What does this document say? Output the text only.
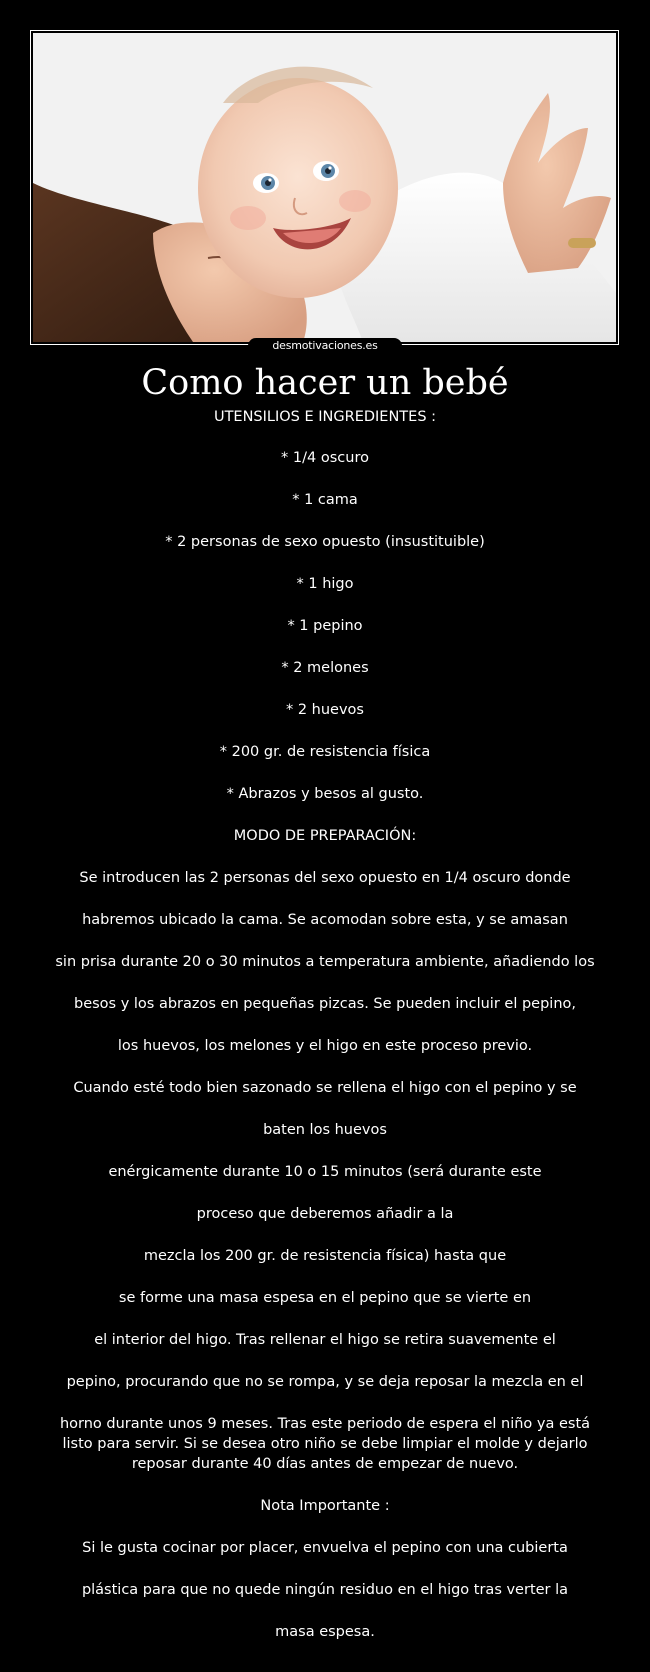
desmotivaciones.es
Como hacer un bebé
UTENSILIOS E INGREDIENTES :
* 1/4 oscuro
* 1 cama
* 2 personas de sexo opuesto (insustituible)
* 1 higo
* 1 pepino
* 2 melones
* 2 huevos
* 200 gr. de resistencia física
* Abrazos y besos al gusto.
MODO DE PREPARACIÓN:
Se introducen las 2 personas del sexo opuesto en 1/4 oscuro donde
habremos ubicado la cama. Se acomodan sobre esta, y se amasan
sin prisa durante 20 o 30 minutos a temperatura ambiente, añadiendo los
besos y los abrazos en pequeñas pizcas. Se pueden incluir el pepino,
los huevos, los melones y el higo en este proceso previo.
Cuando esté todo bien sazonado se rellena el higo con el pepino y se
baten los huevos
enérgicamente durante 10 o 15 minutos (será durante este
proceso que deberemos añadir a la
mezcla los 200 gr. de resistencia física) hasta que
se forme una masa espesa en el pepino que se vierte en
el interior del higo. Tras rellenar el higo se retira suavemente el
pepino, procurando que no se rompa, y se deja reposar la mezcla en el
horno durante unos 9 meses. Tras este periodo de espera el niño ya está
listo para servir. Si se desea otro niño se debe limpiar el molde y dejarlo
reposar durante 40 días antes de empezar de nuevo.
Nota Importante :
Si le gusta cocinar por placer, envuelva el pepino con una cubierta
plástica para que no quede ningún residuo en el higo tras verter la
masa espesa.
